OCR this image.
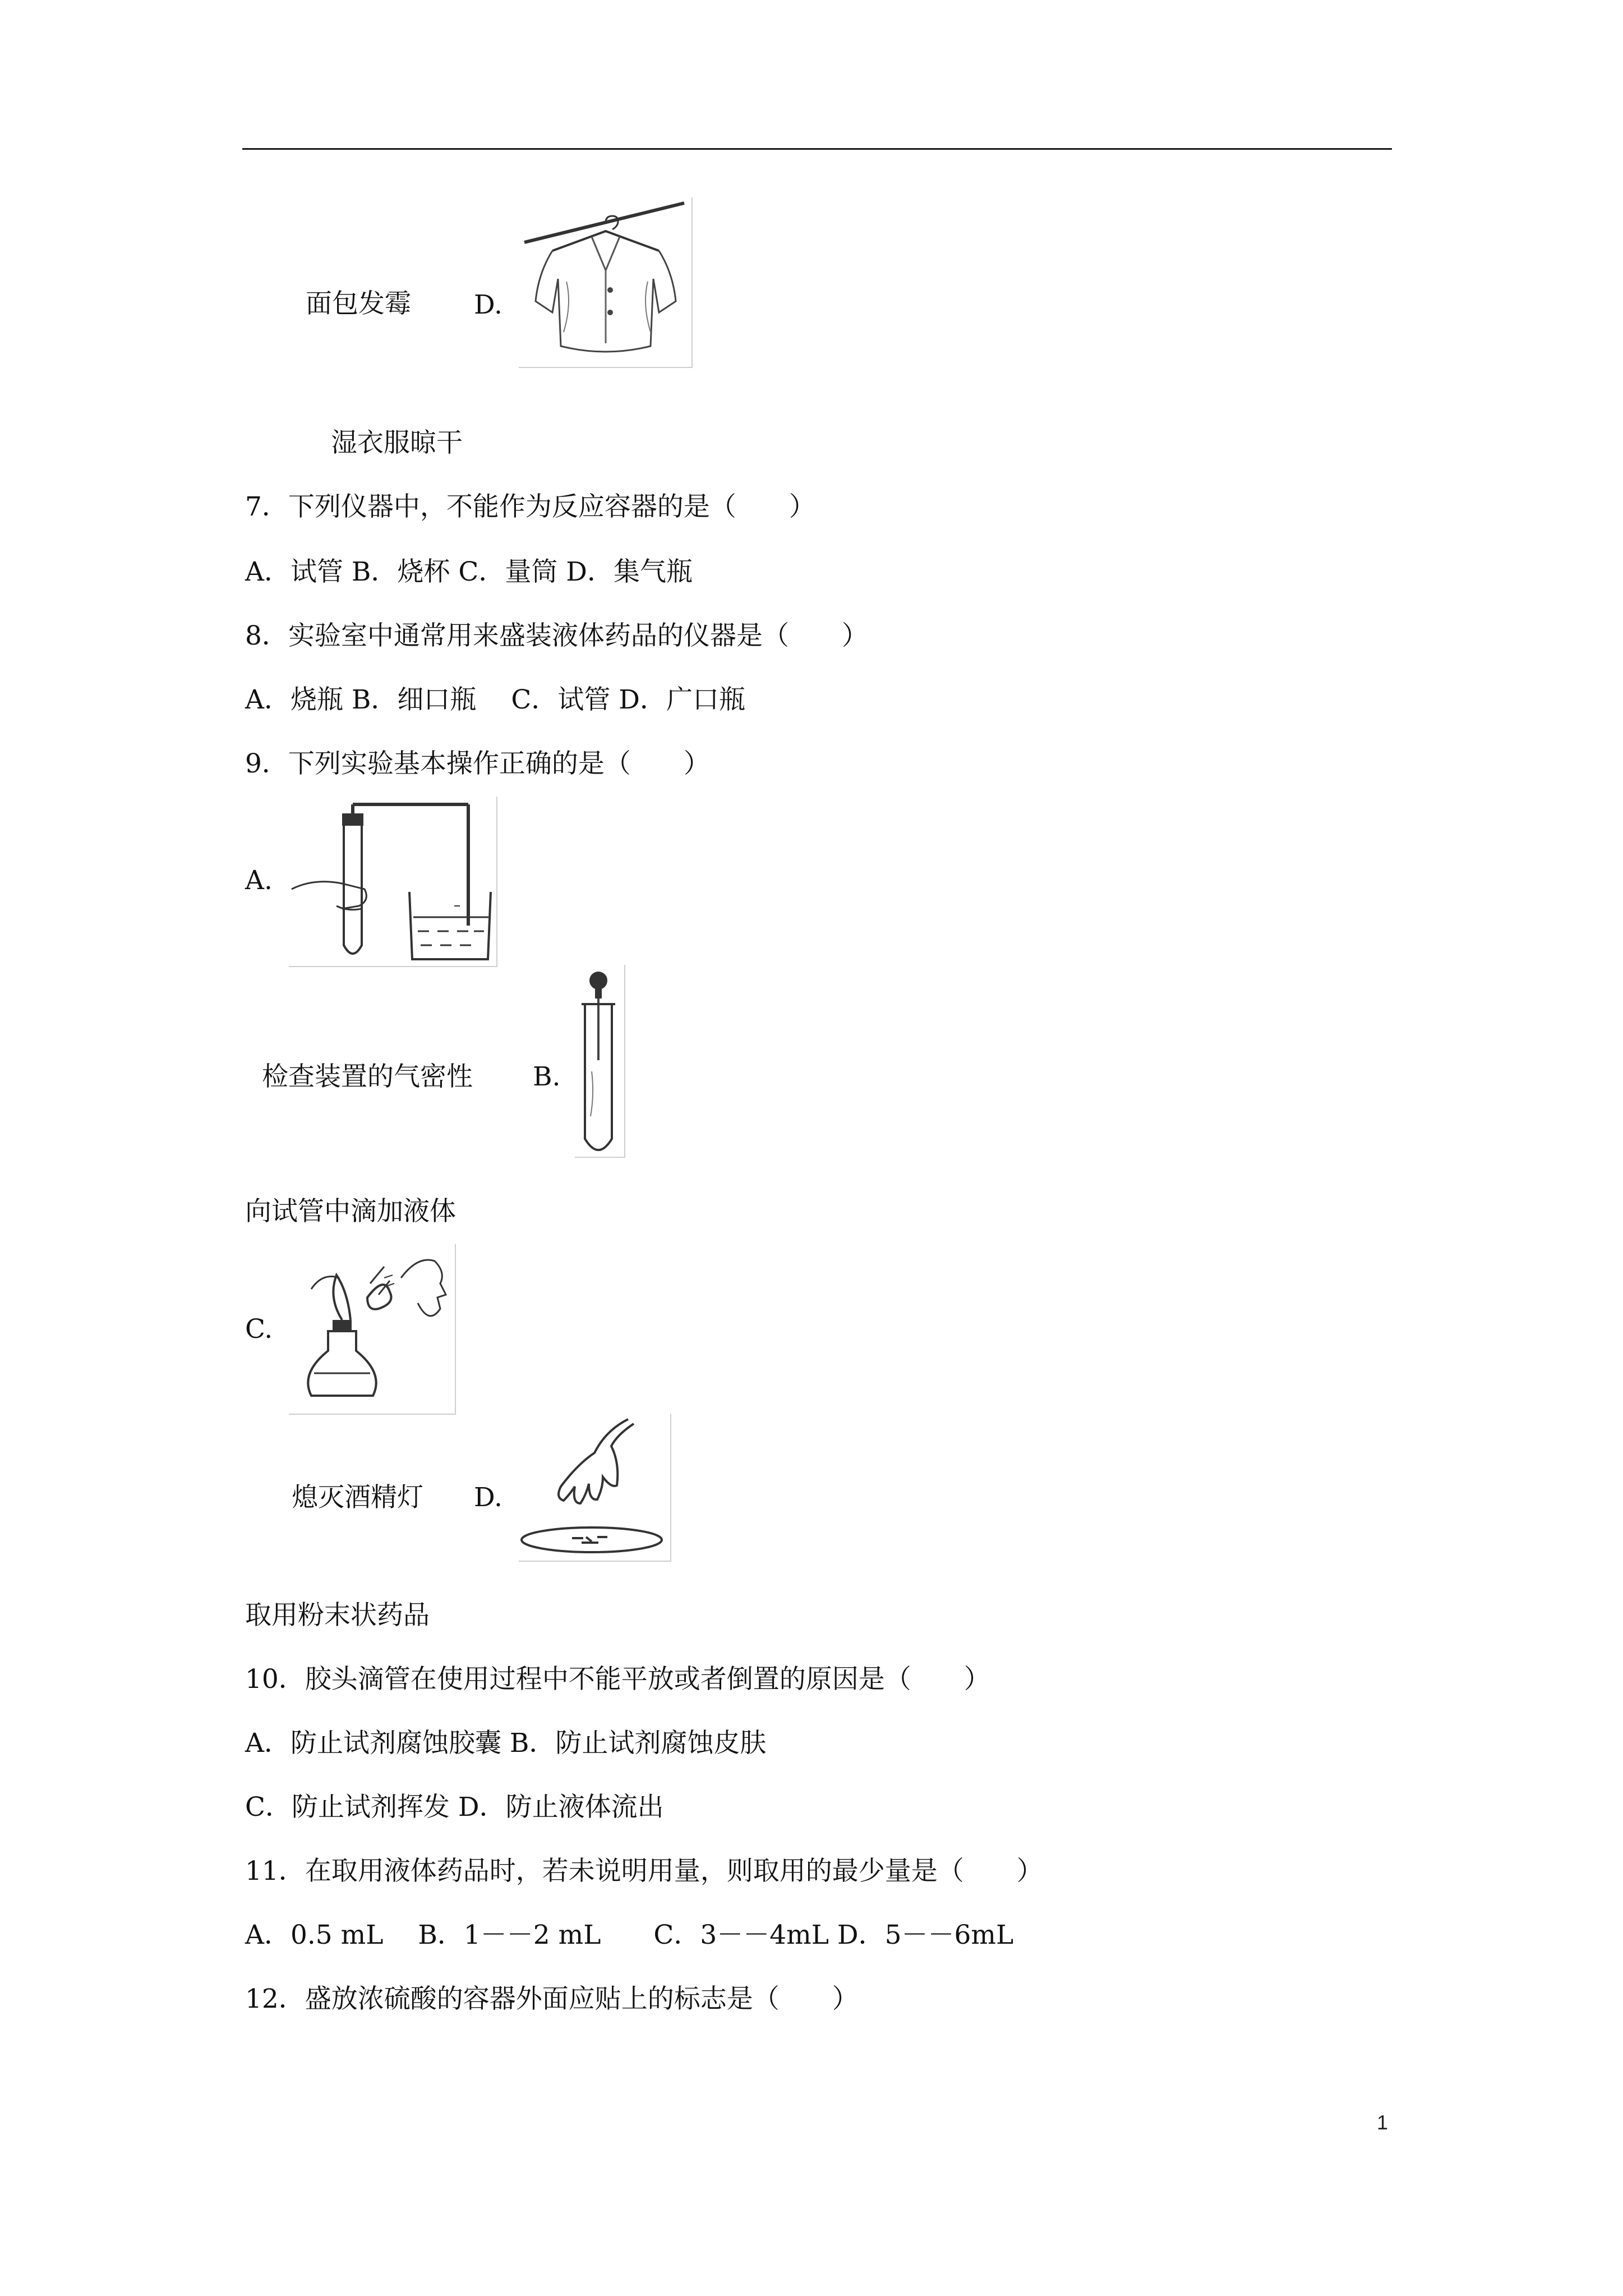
面包发霉 D.
湿衣服晾干
7．下列仪器中，不能作为反应容器的是（　　）
A．试管 B．烧杯 C．量筒 D．集气瓶
8．实验室中通常用来盛装液体药品的仪器是（　　）
A．烧瓶 B．细口瓶　 C．试管 D．广口瓶
9．下列实验基本操作正确的是（　　）
A.
检查装置的气密性 B.
向试管中滴加液体
C.
熄灭酒精灯 D.
取用粉末状药品
10．胶头滴管在使用过程中不能平放或者倒置的原因是（　　）
A．防止试剂腐蚀胶囊 B．防止试剂腐蚀皮肤
C．防止试剂挥发 D．防止液体流出
11．在取用液体药品时，若未说明用量，则取用的最少量是（　　）
A．0.5 mL　 B．1－－2 mL　　C．3－－4mL D．5－－6mL
12．盛放浓硫酸的容器外面应贴上的标志是（　　）
1
